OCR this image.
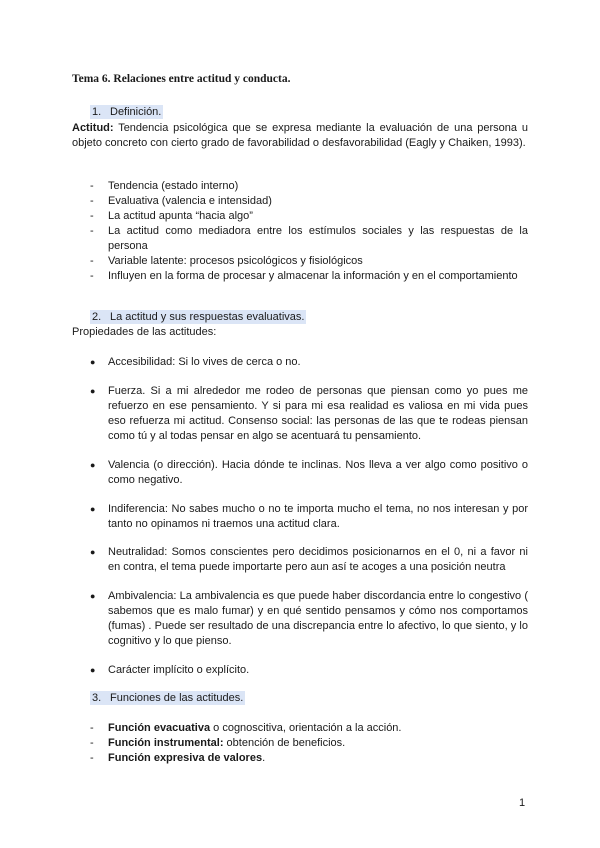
Tema 6. Relaciones entre actitud y conducta.
1. Definición.
Actitud: Tendencia psicológica que se expresa mediante la evaluación de una persona u objeto concreto con cierto grado de favorabilidad o desfavorabilidad (Eagly y Chaiken, 1993).
- Tendencia (estado interno)
- Evaluativa (valencia e intensidad)
- La actitud apunta “hacia algo”
- La actitud como mediadora entre los estímulos sociales y las respuestas de la persona
- Variable latente: procesos psicológicos y fisiológicos
- Influyen en la forma de procesar y almacenar la información y en el comportamiento
2. La actitud y sus respuestas evaluativas.
Propiedades de las actitudes:
● Accesibilidad: Si lo vives de cerca o no.
● Fuerza. Si a mi alrededor me rodeo de personas que piensan como yo pues me refuerzo en ese pensamiento. Y si para mi esa realidad es valiosa en mi vida pues eso refuerza mi actitud. Consenso social: las personas de las que te rodeas piensan como tú y al todas pensar en algo se acentuará tu pensamiento.
● Valencia (o dirección). Hacia dónde te inclinas. Nos lleva a ver algo como positivo o como negativo.
● Indiferencia: No sabes mucho o no te importa mucho el tema, no nos interesan y por tanto no opinamos ni traemos una actitud clara.
● Neutralidad: Somos conscientes pero decidimos posicionarnos en el 0, ni a favor ni en contra, el tema puede importarte pero aun así te acoges a una posición neutra
● Ambivalencia: La ambivalencia es que puede haber discordancia entre lo congestivo ( sabemos que es malo fumar) y en qué sentido pensamos y cómo nos comportamos (fumas) . Puede ser resultado de una discrepancia entre lo afectivo, lo que siento, y lo cognitivo y lo que pienso.
● Carácter implícito o explícito.
3. Funciones de las actitudes.
- Función evacuativa o cognoscitiva, orientación a la acción.
- Función instrumental: obtención de beneficios.
- Función expresiva de valores.
1
